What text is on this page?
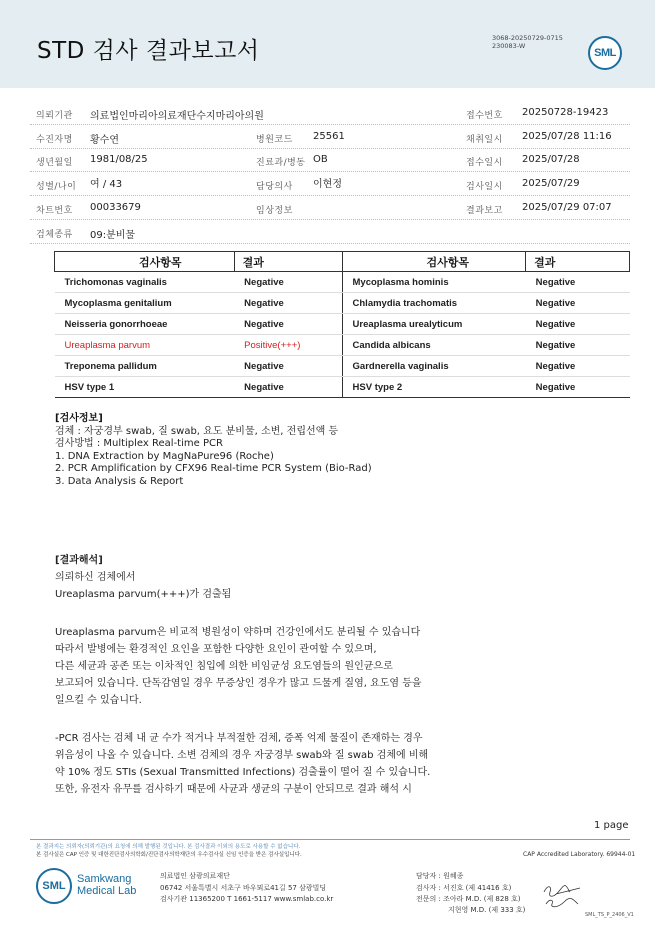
STD 검사 결과보고서	3068-20250729-0715
230083-W
SML
의뢰기관 의료법인마리아의료재단수지마리아의원	접수번호 20250728-19423
수진자명 황수연	병원코드 25561	채취일시 2025/07/28 11:16
생년월일 1981/08/25	진료과/병동 OB	접수일시 2025/07/28
성별/나이 여 / 43	담당의사 이현정	검사일시 2025/07/29
차트번호 00033679	임상정보	결과보고 2025/07/29 07:07
검체종류 09:분비물
검사항목	결과	검사항목	결과
Trichomonas vaginalis	Negative	Mycoplasma hominis	Negative
Mycoplasma genitalium	Negative	Chlamydia trachomatis	Negative
Neisseria gonorrhoeae	Negative	Ureaplasma urealyticum	Negative
Ureaplasma parvum	Positive(+++)	Candida albicans	Negative
Treponema pallidum	Negative	Gardnerella vaginalis	Negative
HSV type 1	Negative	HSV type 2	Negative
[검사정보]
검체 : 자궁경부 swab, 질 swab, 요도 분비물, 소변, 전립선액 등
검사방법 : Multiplex Real-time PCR
1. DNA Extraction by MagNaPure96 (Roche)
2. PCR Amplification by CFX96 Real-time PCR System (Bio-Rad)
3. Data Analysis & Report
[결과해석]
의뢰하신 검체에서
Ureaplasma parvum(+++)가 검출됨
Ureaplasma parvum은 비교적 병원성이 약하며 건강인에서도 분리될 수 있습니다
따라서 발병에는 환경적인 요인을 포함한 다양한 요인이 관여할 수 있으며,
다른 세균과 공존 또는 이차적인 침입에 의한 비임균성 요도염들의 원인균으로
보고되어 있습니다. 단독감염일 경우 무증상인 경우가 많고 드물게 질염, 요도염 등을
일으킬 수 있습니다.
-PCR 검사는 검체 내 균 수가 적거나 부적절한 검체, 증폭 억제 물질이 존재하는 경우
위음성이 나올 수 있습니다. 소변 검체의 경우 자궁경부 swab와 질 swab 검체에 비해
약 10% 정도 STIs (Sexual Transmitted Infections) 검출률이 떨어 질 수 있습니다.
또한, 유전자 유무를 검사하기 때문에 사균과 생균의 구분이 안되므로 결과 해석 시
1 page
본 결과지는 의뢰자(의뢰기관)의 요청에 의해 발행된 것입니다. 본 검사결과 이외의 용도로 사용할 수 없습니다.
본 검사실은 CAP 인증 및 대한진단검사의학회/진단검사의학재단의 우수검사실 신임 인증을 받은 검사실입니다.	CAP Accredited Laboratory. 69944-01
SML
Samkwang
Medical Lab
의료법인 삼광의료재단
06742 서울특별시 서초구 바우뫼로41길 57 삼광빌딩
검사기관 11365200 T 1661-5117 www.smlab.co.kr
담당자 : 원혜종
검사자 : 서진호 (제 41416 호)
전문의 : 조아라 M.D. (제 828 호)
지현영 M.D. (제 333 호)
SML_TS_P_2406_V1
